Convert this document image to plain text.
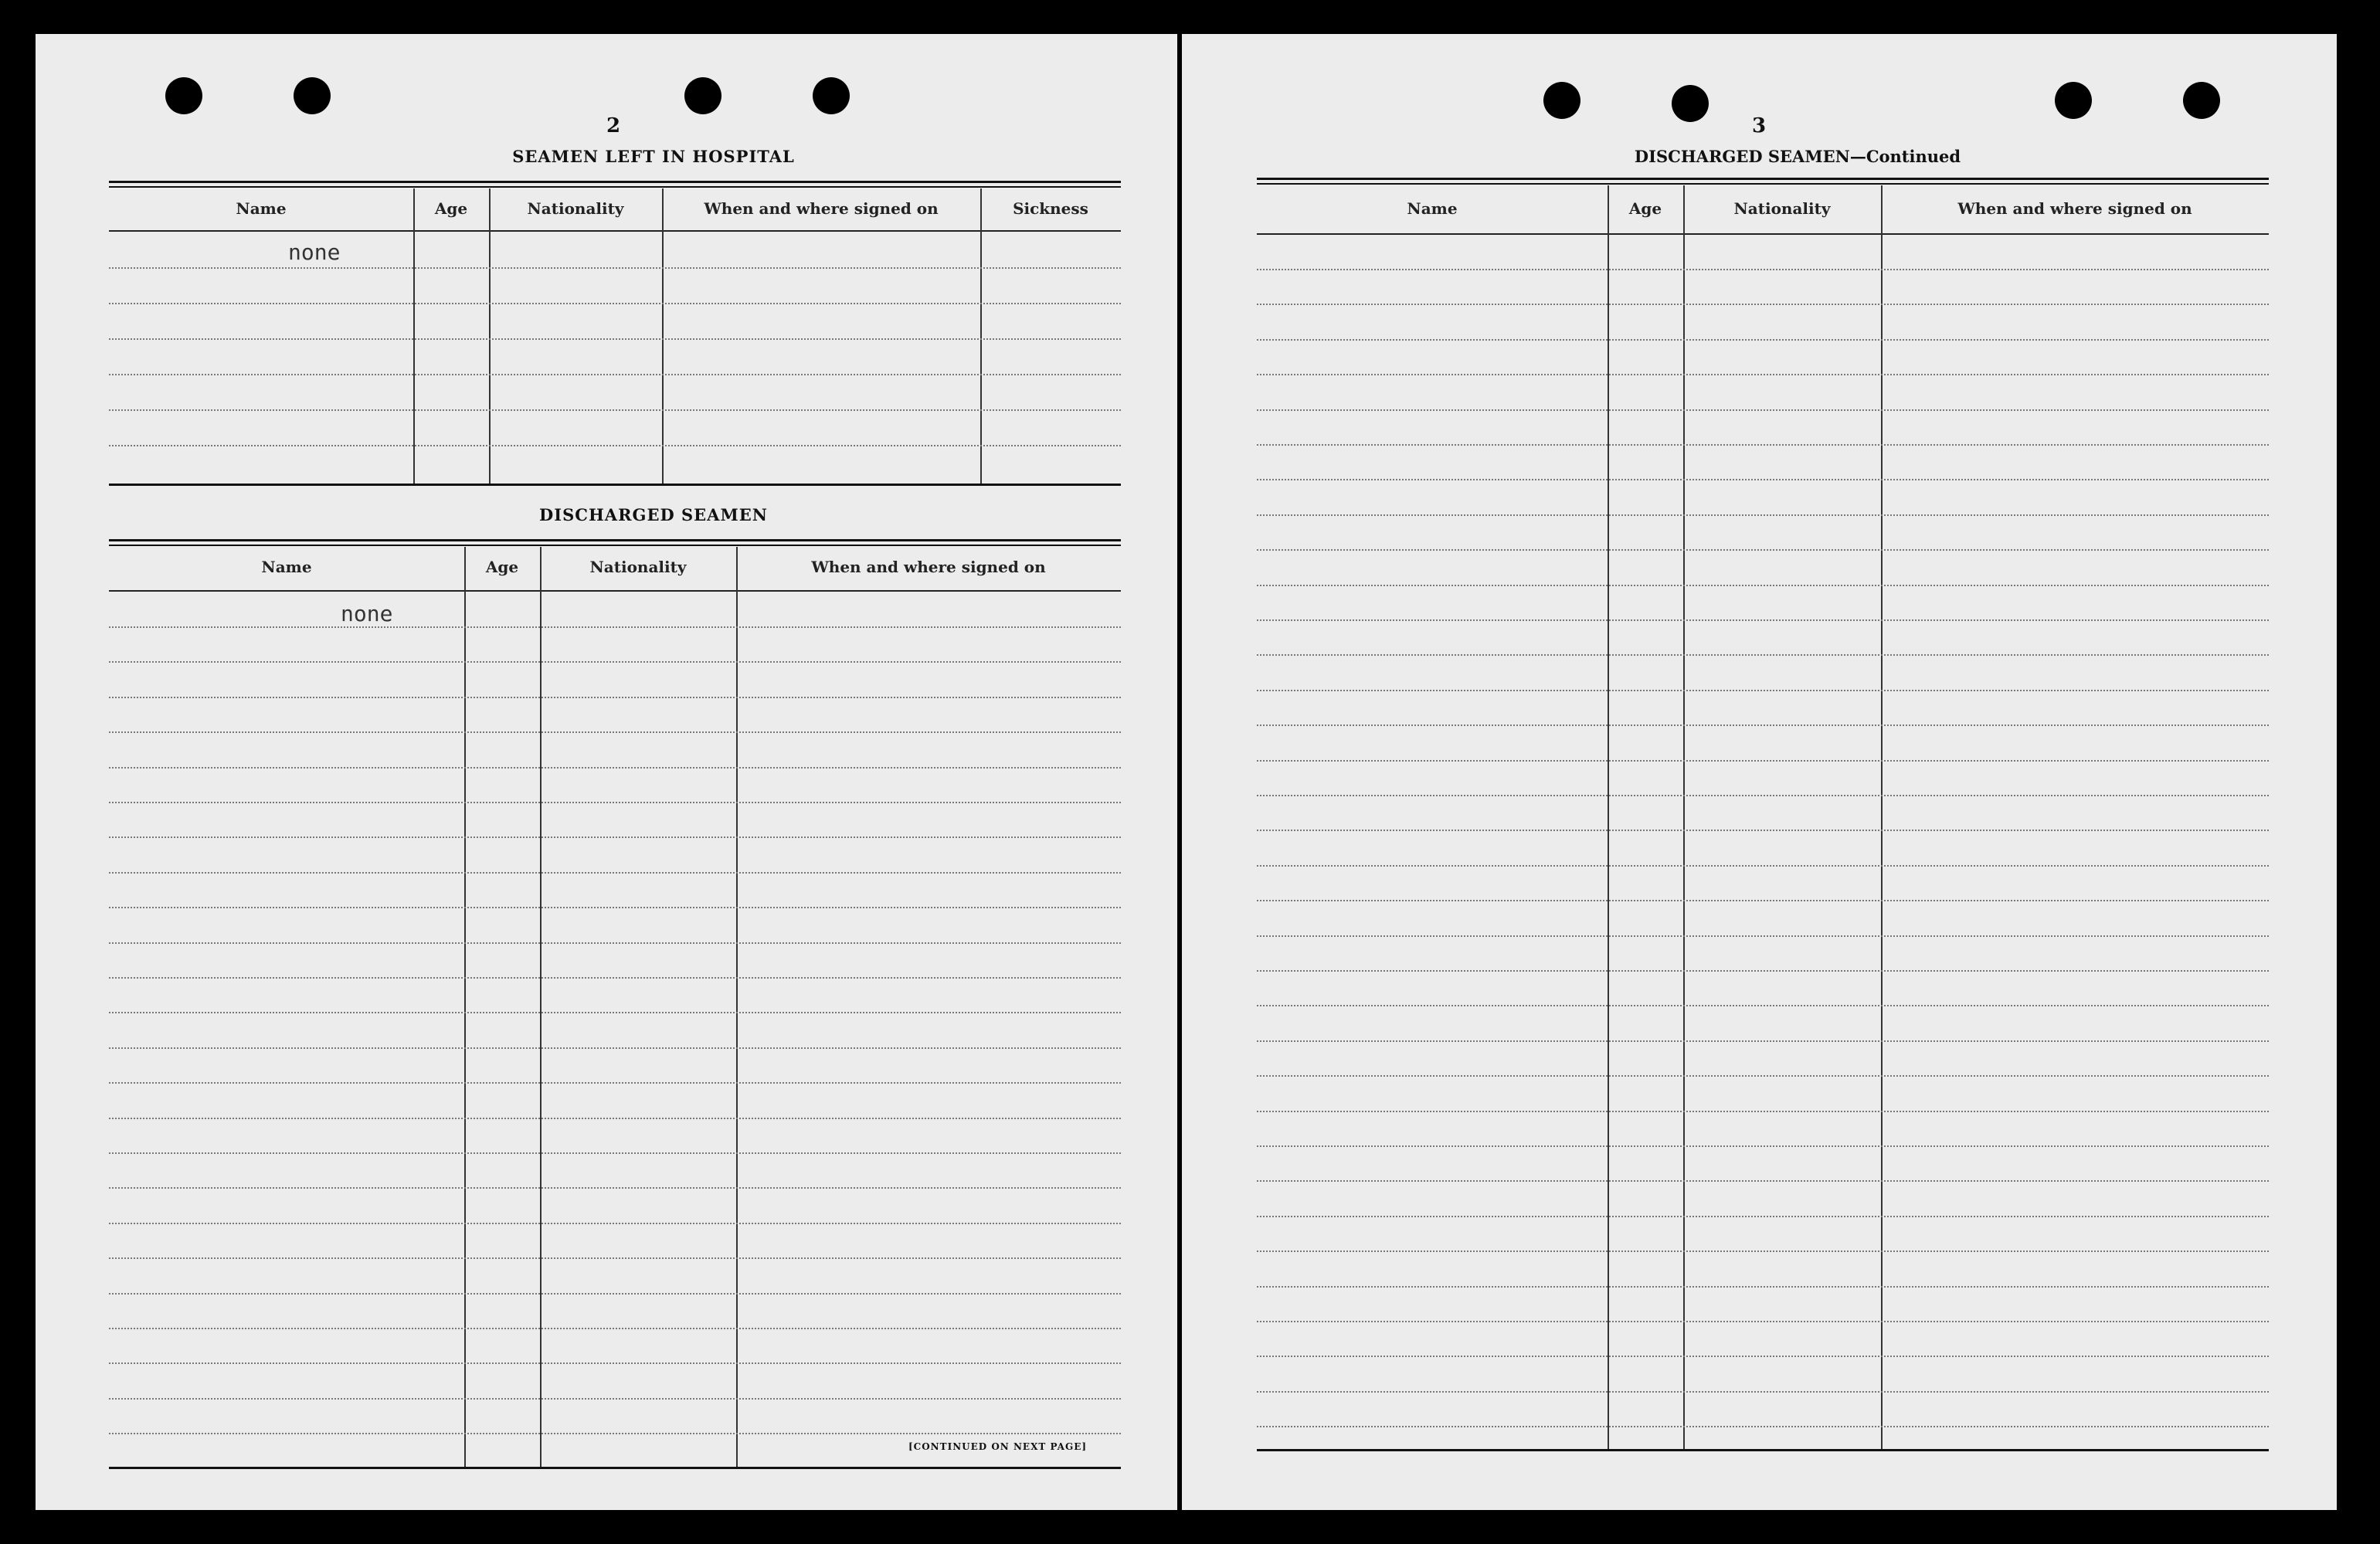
2
SEAMEN LEFT IN HOSPITAL
Name	Age	Nationality	When and where signed on	Sickness
none
DISCHARGED SEAMEN
Name	Age	Nationality	When and where signed on
none
[CONTINUED ON NEXT PAGE]
3
DISCHARGED SEAMEN—Continued
Name	Age	Nationality	When and where signed on
